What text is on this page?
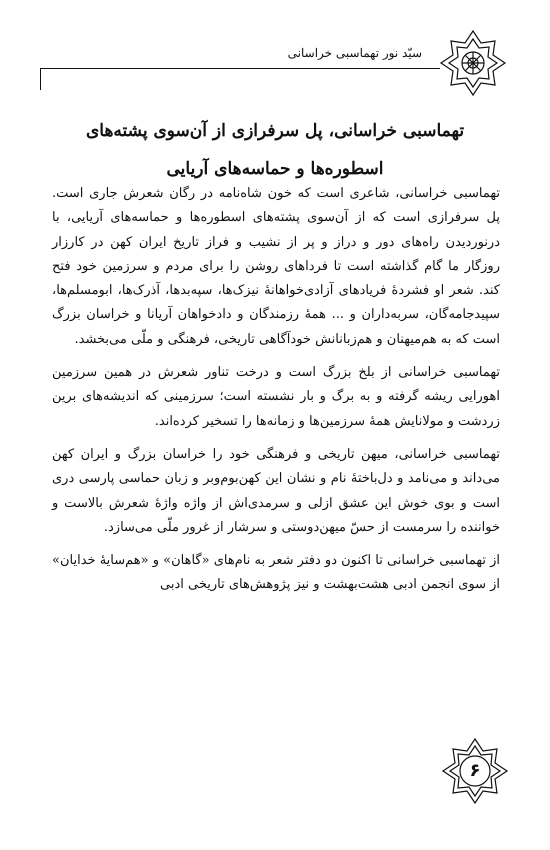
سیّد نور تهماسبی خراسانی
تهماسبی خراسانی، پل سرفرازی از آن‌سوی پشته‌های
اسطوره‌ها و حماسه‌های آریایی

تهماسبی خراسانی، شاعری است که خون شاه‌نامه در رگان شعرش جاری است. پل سرفرازی است که از آن‌سوی پشته‌های اسطوره‌ها و حماسه‌های آریایی، با درنوردیدن راه‌های دور و دراز و پر از نشیب و فراز تاریخ ایران کهن در کارزار روزگار ما گام گذاشته است تا فرداهای روشن را برای مردم و سرزمین خود فتح کند. شعر او فشردهٔ فریادهای آزادی‌خواهانهٔ نیزک‌ها، سپه‌بدها، آذرک‌ها، ابومسلم‌ها، سپیدجامه‌گان، سربه‌داران و ... همهٔ رزمندگان و دادخواهان آریانا و خراسان بزرگ است که به هم‌میهنان و هم‌زبانانش خودآگاهی تاریخی، فرهنگی و ملّی می‌بخشد.

تهماسبی خراسانی از بلخ بزرگ است و درخت تناور شعرش در همین سرزمین اهورایی ریشه گرفته و به برگ و بار نشسته است؛ سرزمینی که اندیشه‌های برین زردشت و مولانایش همهٔ سرزمین‌ها و زمانه‌ها را تسخیر کرده‌اند.

تهماسبی خراسانی، میهن تاریخی و فرهنگی خود را خراسان بزرگ و ایران کهن می‌داند و می‌نامد و دل‌باختهٔ نام و نشان این کهن‌بوم‌وبر و زبان حماسی پارسی دری است و بوی خوش این عشق ازلی و سرمدی‌اش از واژه واژهٔ شعرش بالاست و خواننده را سرمست از حسّ میهن‌دوستی و سرشار از غرور ملّی می‌سازد.

از تهماسبی خراسانی تا اکنون دو دفتر شعر به نام‌های «گاهان» و «هم‌سایهٔ خدایان» از سوی انجمن ادبی هشت‌بهشت و نیز پژوهش‌های تاریخی ادبی

۶
